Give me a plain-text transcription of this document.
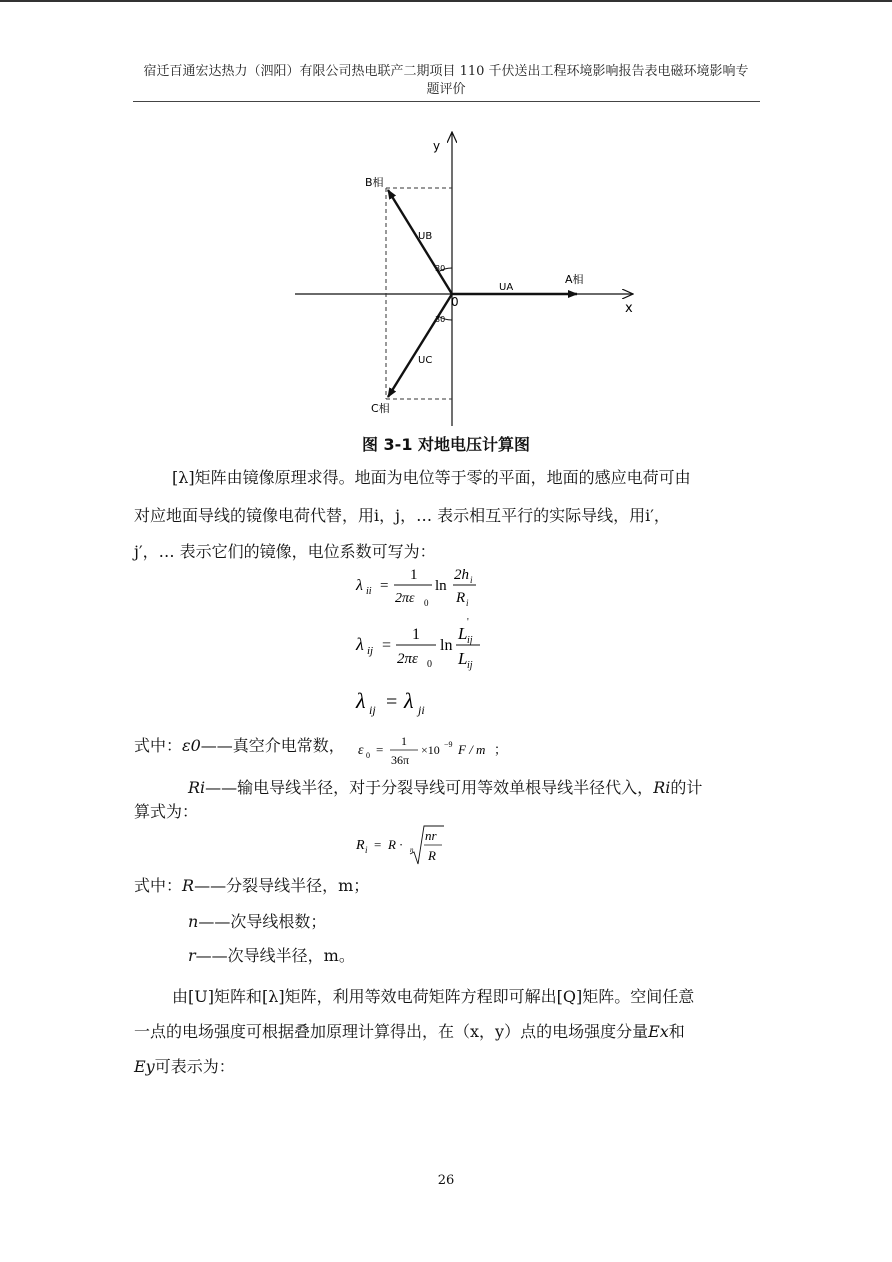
宿迁百通宏达热力（泗阳）有限公司热电联产二期项目 110 千伏送出工程环境影响报告表电磁环境影响专
题评价
y
x
0
A相
B相
C相
UA
UB
UC
30
30
图 3-1 对地电压计算图
[λ]矩阵由镜像原理求得。地面为电位等于零的平面，地面的感应电荷可由
对应地面导线的镜像电荷代替，用i，j，… 表示相互平行的实际导线，用i′，
j′，… 表示它们的镜像，电位系数可写为：
λ ii =
1
2πε 0
ln
2h i
R i
λ ij =
1
2πε 0
ln
L
'
ij
L ij
λ ij = λ ji
式中：ε0——真空介电常数， ε 0 =
1
36π
×10 −9 F / m ；
Ri——输电导线半径，对于分裂导线可用等效单根导线半径代入，Ri的计
算式为：
R i = R · n
nr
R
式中：R——分裂导线半径，m；
n——次导线根数；
r——次导线半径，m。
由[U]矩阵和[λ]矩阵，利用等效电荷矩阵方程即可解出[Q]矩阵。空间任意
一点的电场强度可根据叠加原理计算得出，在（x，y）点的电场强度分量Ex和
Ey可表示为：
26
